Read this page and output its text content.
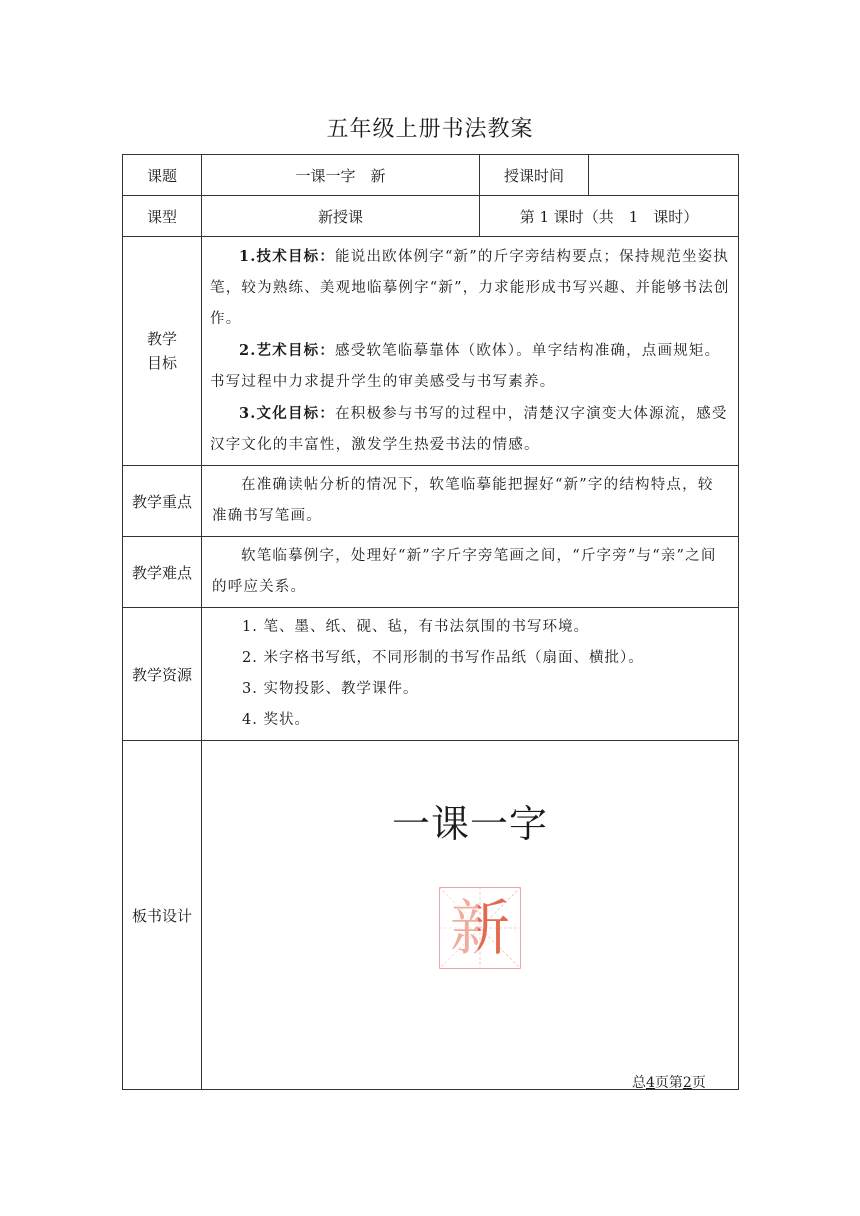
五年级上册书法教案
课题	一课一字　新	授课时间	
课型	新授课	第 1 课时（共　1　课时）	

教学目标	1.技术目标：能说出欧体例字“新”的斤字旁结构要点；保持规范坐姿执笔，较为熟练、美观地临摹例字“新”，力求能形成书写兴趣、并能够书法创作。

2.艺术目标：感受软笔临摹靠体（欧体）。单字结构准确，点画规矩。书写过程中力求提升学生的审美感受与书写素养。

3.文化目标：在积极参与书写的过程中，清楚汉字演变大体源流，感受汉字文化的丰富性，激发学生热爱书法的情感。		

教学重点	在准确读帖分析的情况下，软笔临摹能把握好“新”字的结构特点，较准确书写笔画。		

教学难点	软笔临摹例字，处理好“新”字斤字旁笔画之间，“斤字旁”与“亲”之间的呼应关系。		

教学资源	1. 笔、墨、纸、砚、毡，有书法氛围的书写环境。
2. 米字格书写纸，不同形制的书写作品纸（扇面、横批）。
3. 实物投影、教学课件。
4. 奖状。		

板书设计	一课一字
新		
总4页第2页
